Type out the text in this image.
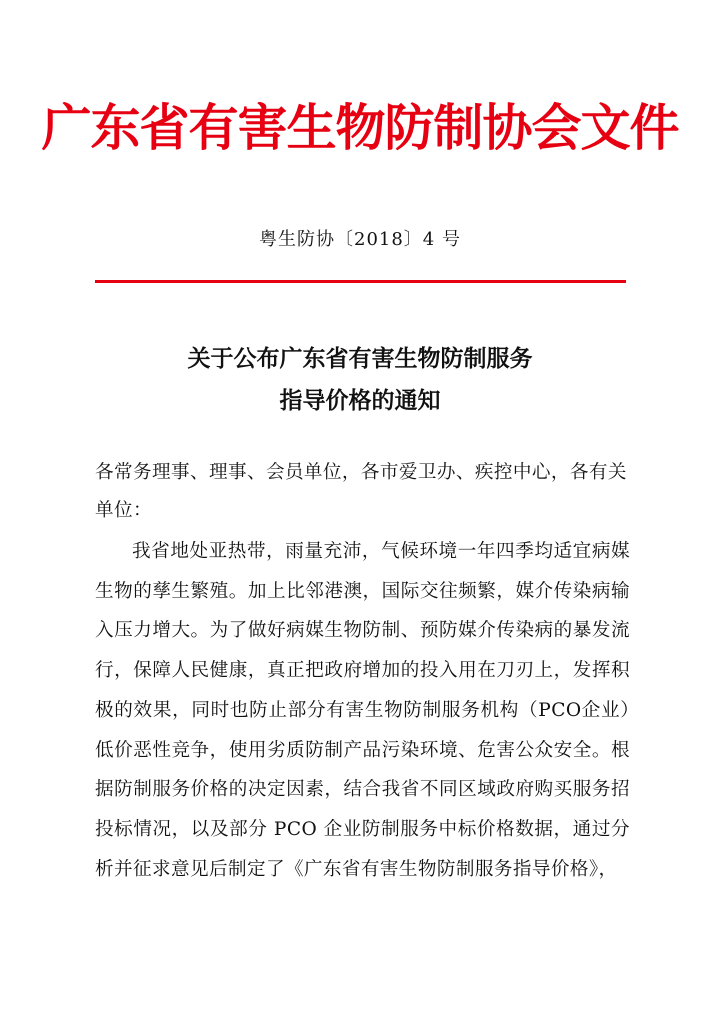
广东省有害生物防制协会文件
粤生防协〔2018〕4 号
关于公布广东省有害生物防制服务
指导价格的通知
各常务理事、理事、会员单位，各市爱卫办、疾控中心，各有关单位：
我省地处亚热带，雨量充沛，气候环境一年四季均适宜病媒生物的孳生繁殖。加上比邻港澳，国际交往频繁，媒介传染病输入压力增大。为了做好病媒生物防制、预防媒介传染病的暴发流行，保障人民健康，真正把政府增加的投入用在刀刃上，发挥积极的效果，同时也防止部分有害生物防制服务机构（PCO企业）低价恶性竞争，使用劣质防制产品污染环境、危害公众安全。根据防制服务价格的决定因素，结合我省不同区域政府购买服务招投标情况，以及部分 PCO 企业防制服务中标价格数据，通过分析并征求意见后制定了《广东省有害生物防制服务指导价格》，
